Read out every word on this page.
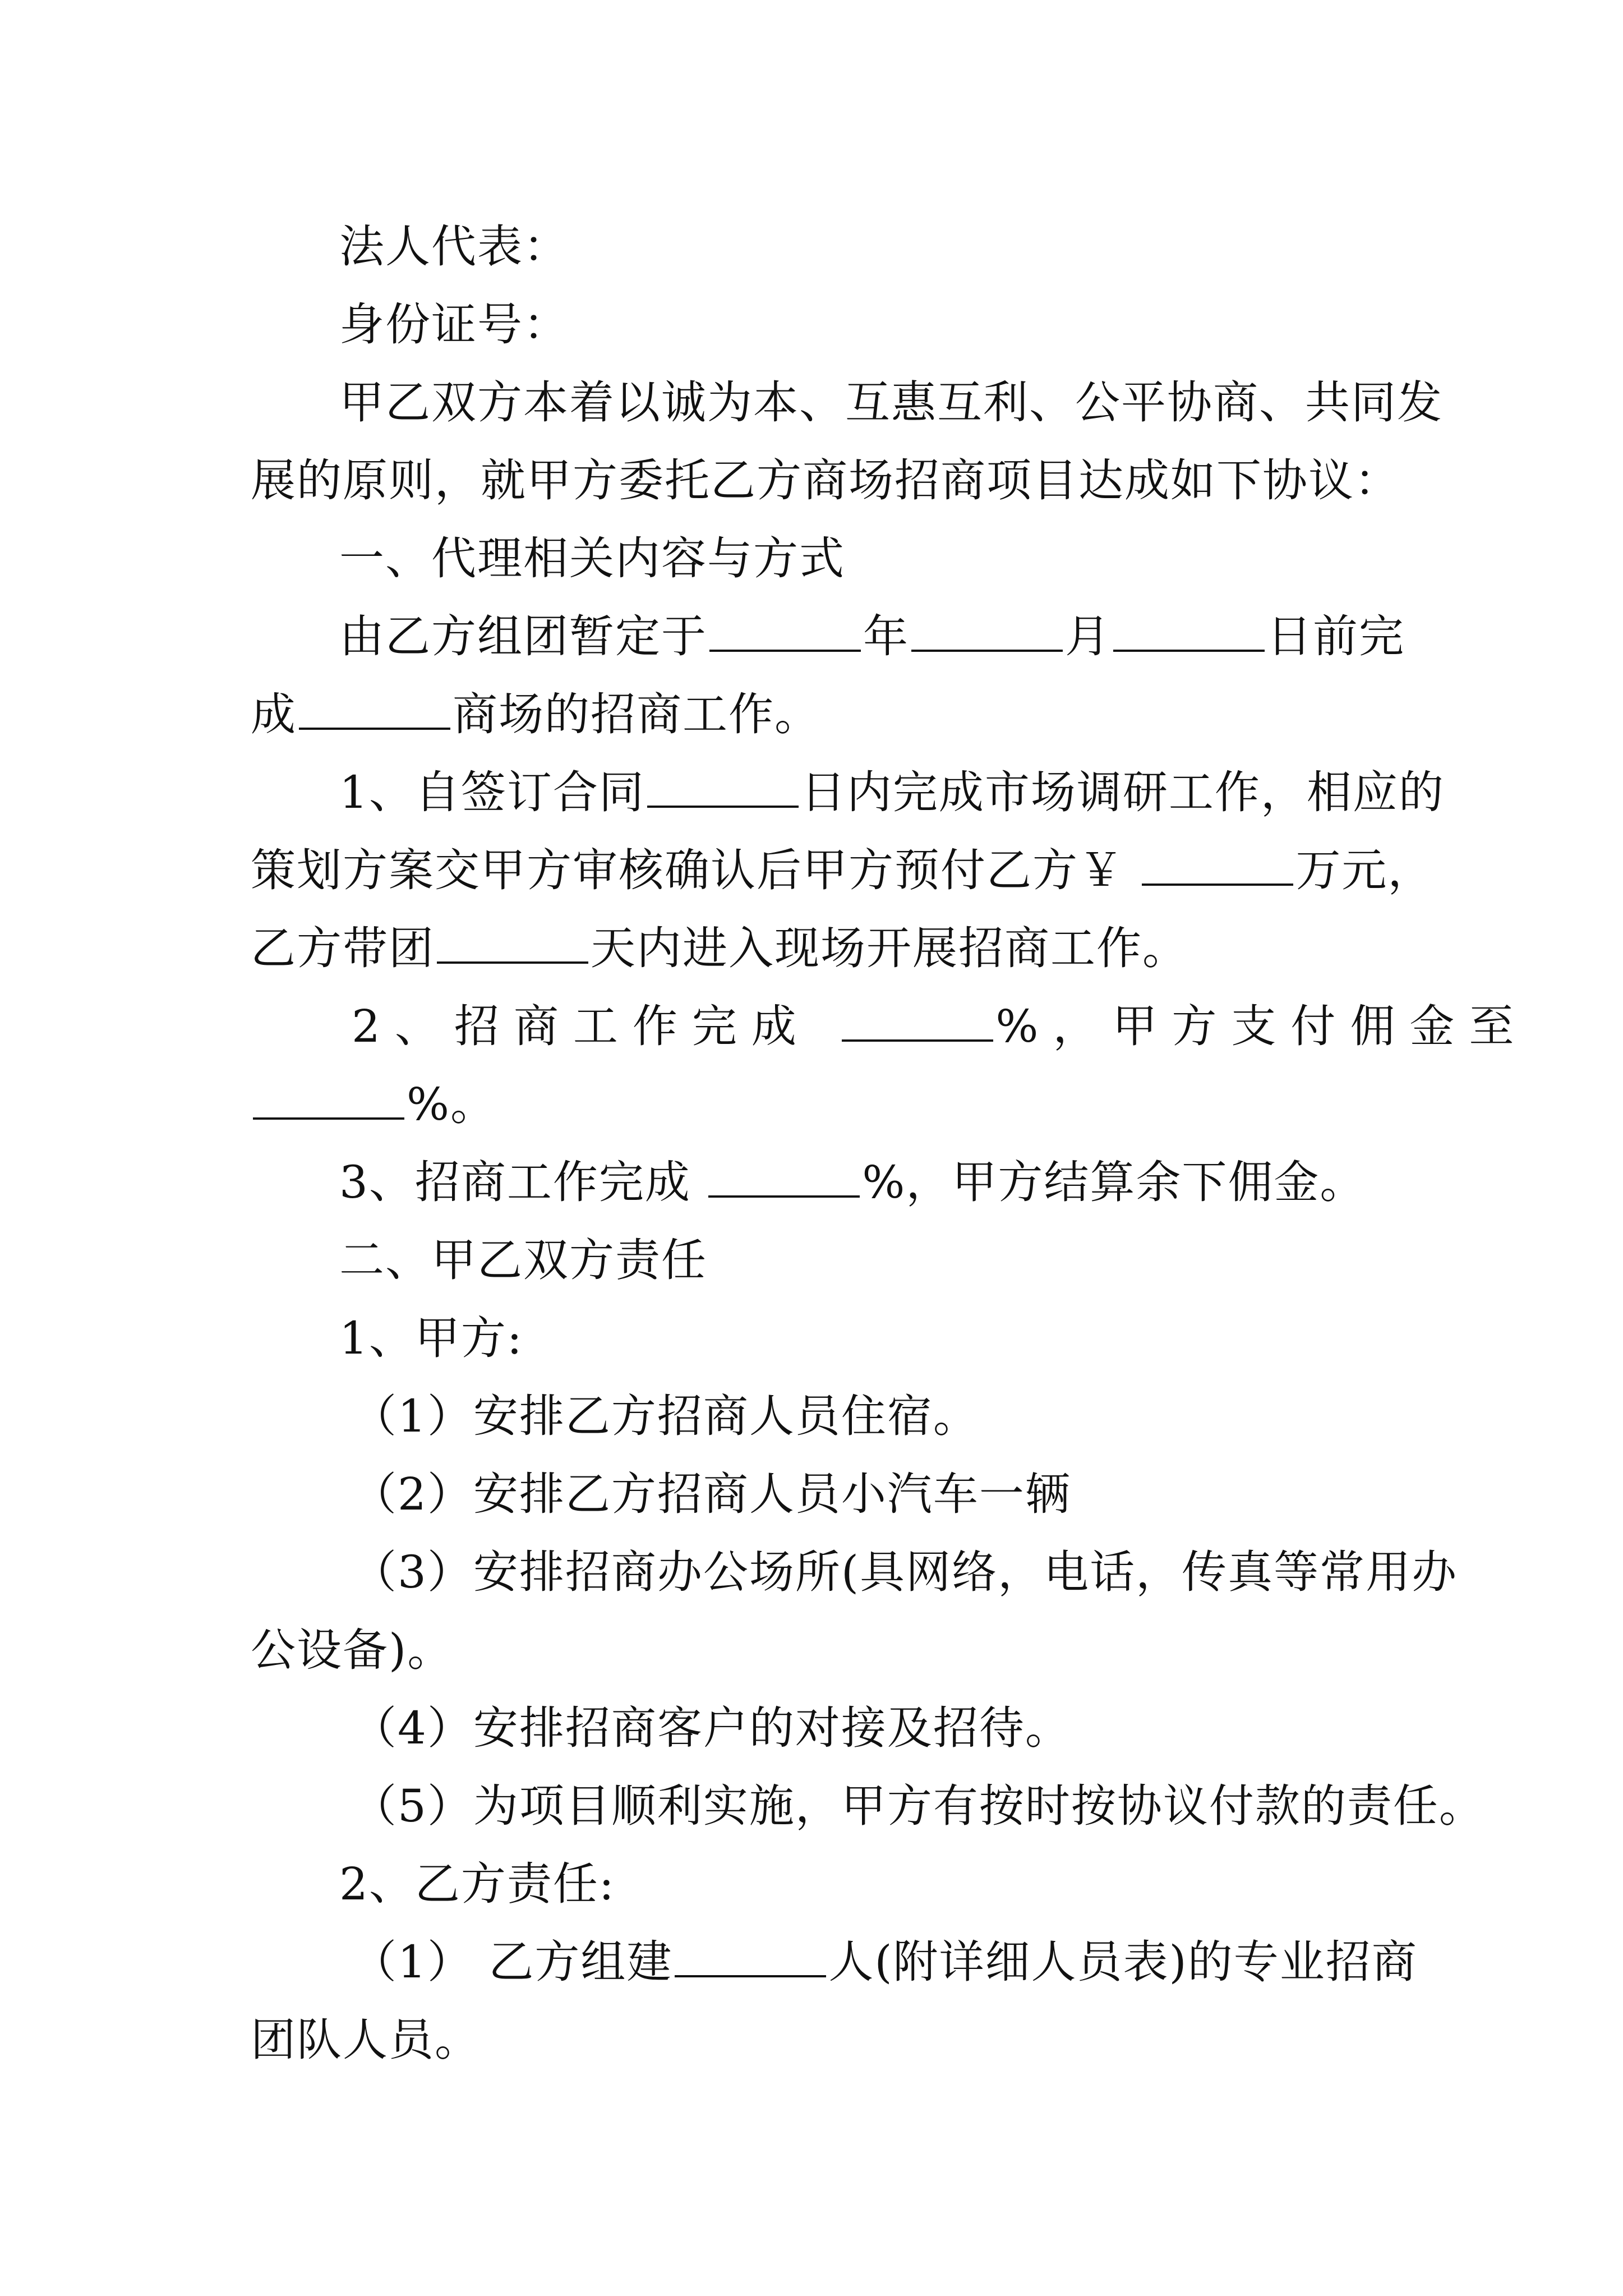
法人代表：

身份证号：

甲乙双方本着以诚为本、互惠互利、公平协商、共同发

展的原则，就甲方委托乙方商场招商项目达成如下协议：

一、代理相关内容与方式

由乙方组团暂定于	年	月	日前完

成	商场的招商工作。

1、自签订合同	日内完成市场调研工作，相应的

策划方案交甲方审核确认后甲方预付乙方￥	万元，

乙方带团	天内进入现场开展招商工作。

2、招商工作完成	%，甲方支付佣金至

%。

3、招商工作完成	%，甲方结算余下佣金。

二、甲乙双方责任

1、甲方:

（1）安排乙方招商人员住宿。

（2）安排乙方招商人员小汽车一辆

（3）安排招商办公场所(具网络，电话，传真等常用办

公设备)。

（4）安排招商客户的对接及招待。

（5）为项目顺利实施，甲方有按时按协议付款的责任。

2、乙方责任:

（1） 乙方组建	人(附详细人员表)的专业招商

团队人员。
